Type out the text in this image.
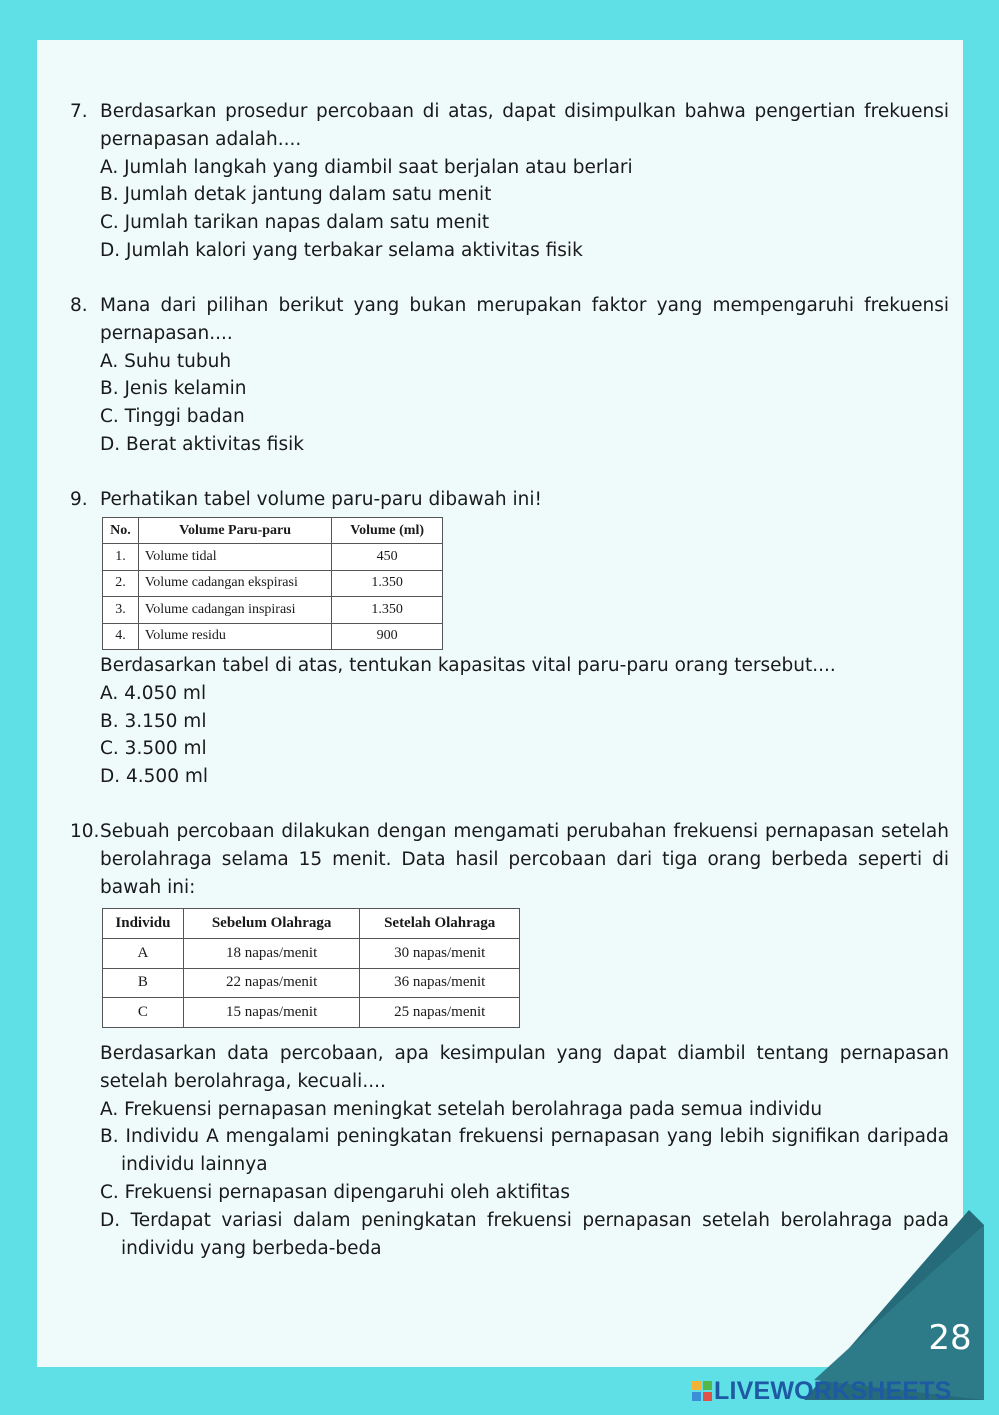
7. Berdasarkan prosedur percobaan di atas, dapat disimpulkan bahwa pengertian frekuensi pernapasan adalah....
A. Jumlah langkah yang diambil saat berjalan atau berlari
B. Jumlah detak jantung dalam satu menit
C. Jumlah tarikan napas dalam satu menit
D. Jumlah kalori yang terbakar selama aktivitas fisik
8. Mana dari pilihan berikut yang bukan merupakan faktor yang mempengaruhi frekuensi pernapasan....
A. Suhu tubuh
B. Jenis kelamin
C. Tinggi badan
D. Berat aktivitas fisik
9. Perhatikan tabel volume paru-paru dibawah ini!
No.	Volume Paru-paru	Volume (ml)
1.	Volume tidal	450
2.	Volume cadangan ekspirasi	1.350
3.	Volume cadangan inspirasi	1.350
4.	Volume residu	900
Berdasarkan tabel di atas, tentukan kapasitas vital paru-paru orang tersebut....
A. 4.050 ml
B. 3.150 ml
C. 3.500 ml
D. 4.500 ml
10. Sebuah percobaan dilakukan dengan mengamati perubahan frekuensi pernapasan setelah berolahraga selama 15 menit. Data hasil percobaan dari tiga orang berbeda seperti di bawah ini:
Individu	Sebelum Olahraga	Setelah Olahraga
A	18 napas/menit	30 napas/menit
B	22 napas/menit	36 napas/menit
C	15 napas/menit	25 napas/menit
Berdasarkan data percobaan, apa kesimpulan yang dapat diambil tentang pernapasan setelah berolahraga, kecuali....
A. Frekuensi pernapasan meningkat setelah berolahraga pada semua individu
B. Individu A mengalami peningkatan frekuensi pernapasan yang lebih signifikan daripada individu lainnya
C. Frekuensi pernapasan dipengaruhi oleh aktifitas
D. Terdapat variasi dalam peningkatan frekuensi pernapasan setelah berolahraga pada individu yang berbeda-beda
28
LIVEWORKSHEETS
